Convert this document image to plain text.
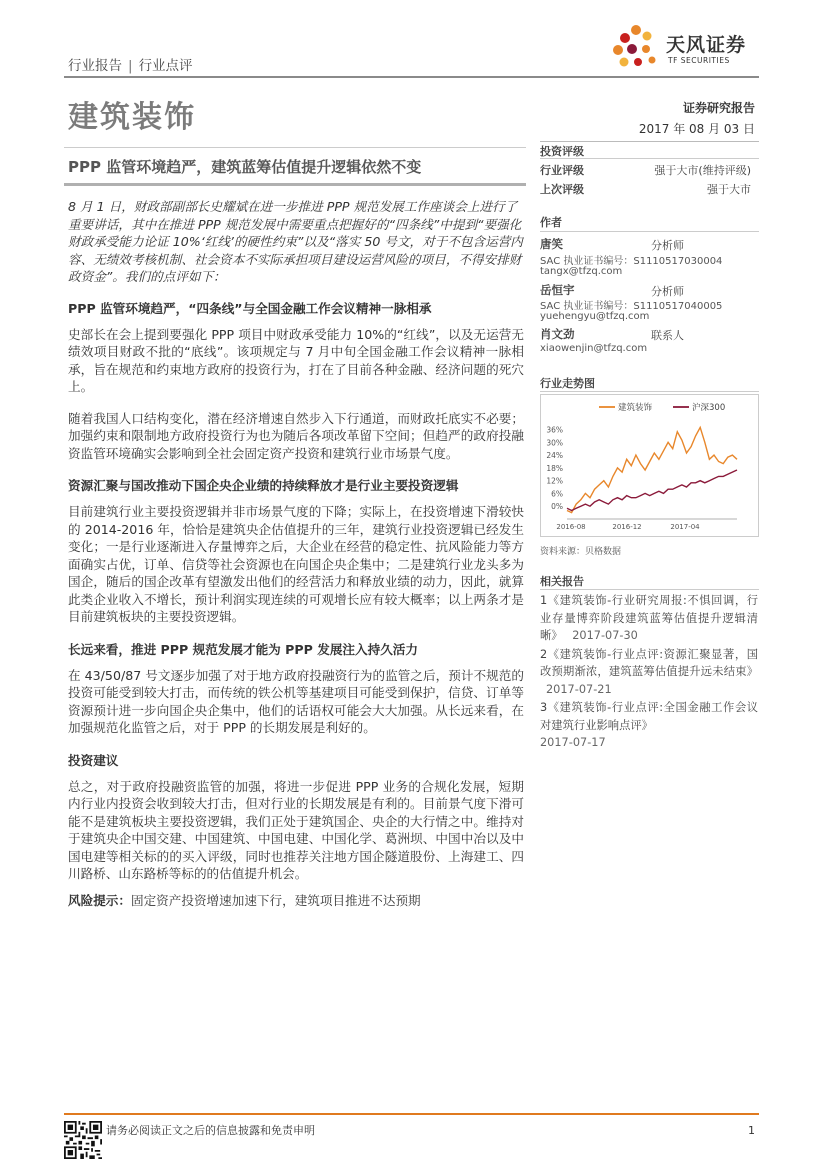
天风证券
TF SECURITIES
行业报告 | 行业点评
建筑装饰	证券研究报告
2017 年 08 月 03 日
PPP 监管环境趋严，建筑蓝筹估值提升逻辑依然不变

8 月 1 日，财政部副部长史耀斌在进一步推进 PPP 规范发展工作座谈会上进行了重要讲话，其中在推进 PPP 规范发展中需要重点把握好的“四条线”中提到“要强化财政承受能力论证 10%‘红线’的硬性约束”以及“落实 50 号文，对于不包含运营内容、无绩效考核机制、社会资本不实际承担项目建设运营风险的项目，不得安排财政资金”。我们的点评如下：

PPP 监管环境趋严，“四条线”与全国金融工作会议精神一脉相承

史部长在会上提到要强化 PPP 项目中财政承受能力 10%的“红线”，以及无运营无绩效项目财政不批的“底线”。该项规定与 7 月中旬全国金融工作会议精神一脉相承，旨在规范和约束地方政府的投资行为，打在了目前各种金融、经济问题的死穴上。

随着我国人口结构变化，潜在经济增速自然步入下行通道，而财政托底实不必要；加强约束和限制地方政府投资行为也为随后各项改革留下空间；但趋严的政府投融资监管环境确实会影响到全社会固定资产投资和建筑行业市场景气度。

资源汇聚与国改推动下国企央企业绩的持续释放才是行业主要投资逻辑

目前建筑行业主要投资逻辑并非市场景气度的下降；实际上，在投资增速下滑较快的 2014-2016 年，恰恰是建筑央企估值提升的三年，建筑行业投资逻辑已经发生变化；一是行业逐渐进入存量博弈之后，大企业在经营的稳定性、抗风险能力等方面确实占优，订单、信贷等社会资源也在向国企央企集中；二是建筑行业龙头多为国企，随后的国企改革有望激发出他们的经营活力和释放业绩的动力，因此，就算此类企业收入不增长，预计利润实现连续的可观增长应有较大概率；以上两条才是目前建筑板块的主要投资逻辑。

长远来看，推进 PPP 规范发展才能为 PPP 发展注入持久活力

在 43/50/87 号文逐步加强了对于地方政府投融资行为的监管之后，预计不规范的投资可能受到较大打击，而传统的铁公机等基建项目可能受到保护，信贷、订单等资源预计进一步向国企央企集中，他们的话语权可能会大大加强。从长远来看，在加强规范化监管之后，对于 PPP 的长期发展是利好的。

投资建议

总之，对于政府投融资监管的加强，将进一步促进 PPP 业务的合规化发展，短期内行业内投资会收到较大打击，但对行业的长期发展是有利的。目前景气度下滑可能不是建筑板块主要投资逻辑，我们正处于建筑国企、央企的大行情之中。维持对于建筑央企中国交建、中国建筑、中国电建、中国化学、葛洲坝、中国中冶以及中国电建等相关标的的买入评级，同时也推荐关注地方国企隧道股份、上海建工、四川路桥、山东路桥等标的的估值提升机会。

风险提示：固定资产投资增速加速下行，建筑项目推进不达预期

投资评级
行业评级	强于大市(维持评级)
上次评级	强于大市
作者
唐笑	分析师
SAC 执业证书编号：S1110517030004
tangx@tfzq.com
岳恒宇	分析师
SAC 执业证书编号：S1110517040005
yuehengyu@tfzq.com
肖文劲	联系人
xiaowenjin@tfzq.com
行业走势图
0%
6%
12%
18%
24%
30%
36%
2016-08	2016-12	2017-04
建筑装饰	沪深300
资料来源：贝格数据
相关报告
1《建筑装饰-行业研究周报:不惧回调，行业存量博弈阶段建筑蓝筹估值提升逻辑清晰》 2017-07-30
2《建筑装饰-行业点评:资源汇聚显著，国改预期渐浓，建筑蓝筹估值提升远未结束》 2017-07-21
3《建筑装饰-行业点评:全国金融工作会议对建筑行业影响点评》
2017-07-17
请务必阅读正文之后的信息披露和免责申明	1
